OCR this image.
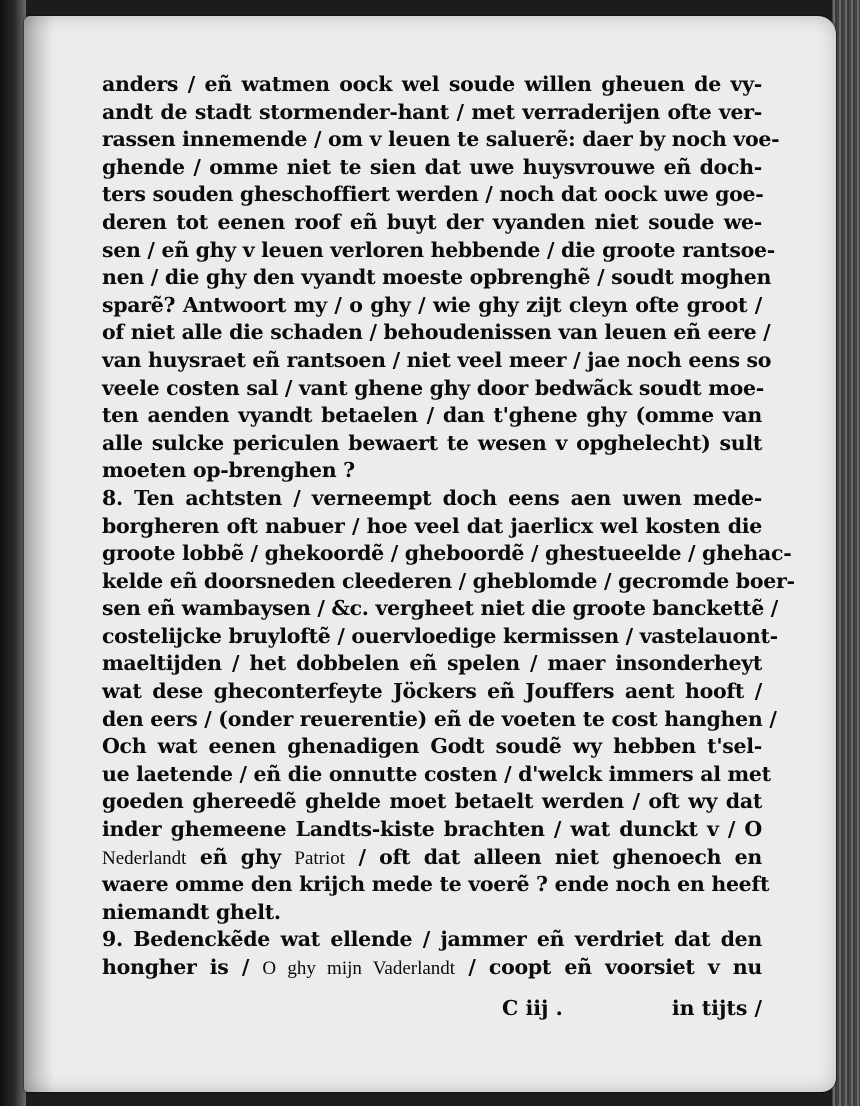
anders / eñ watmen oock wel soude willen gheuen de vy-
andt de stadt stormender-hant / met verraderijen ofte ver-
rassen innemende / om v leuen te saluerẽ: daer by noch voe-
ghende / omme niet te sien dat uwe huysvrouwe eñ doch-
ters souden gheschoffiert werden / noch dat oock uwe goe-
deren tot eenen roof eñ buyt der vyanden niet soude we-
sen / eñ ghy v leuen verloren hebbende / die groote rantsoe-
nen / die ghy den vyandt moeste opbrenghẽ / soudt moghen
sparẽ? Antwoort my / o ghy / wie ghy zijt cleyn ofte groot /
of niet alle die schaden / behoudenissen van leuen eñ eere /
van huysraet eñ rantsoen / niet veel meer / jae noch eens so
veele costen sal / vant ghene ghy door bedwãck soudt moe-
ten aenden vyandt betaelen / dan t'ghene ghy (omme van
alle sulcke periculen bewaert te wesen v opghelecht) sult
moeten op-brenghen ?
8. Ten achtsten / verneempt doch eens aen uwen mede-
borgheren oft nabuer / hoe veel dat jaerlicx wel kosten die
groote lobbẽ / ghekoordẽ / gheboordẽ / ghestueelde / ghehac-
kelde eñ doorsneden cleederen / gheblomde / gecromde boer-
sen eñ wambaysen / &c. vergheet niet die groote banckettẽ /
costelijcke bruyloftẽ / ouervloedige kermissen / vastelauont-
maeltijden / het dobbelen eñ spelen / maer insonderheyt
wat dese gheconterfeyte Jöckers eñ Jouffers aent hooft /
den eers / (onder reuerentie) eñ de voeten te cost hanghen /
Och wat eenen ghenadigen Godt soudẽ wy hebben t'sel-
ue laetende / eñ die onnutte costen / d'welck immers al met
goeden ghereedẽ ghelde moet betaelt werden / oft wy dat
inder ghemeene Landts-kiste brachten / wat dunckt v / O
Nederlandt eñ ghy Patriot / oft dat alleen niet ghenoech en
waere omme den krijch mede te voerẽ ? ende noch en heeft
niemandt ghelt.
9. Bedenckẽde wat ellende / jammer eñ verdriet dat den
hongher is / O ghy mijn Vaderlandt / coopt eñ voorsiet v nu
C iij .	in tijts /
